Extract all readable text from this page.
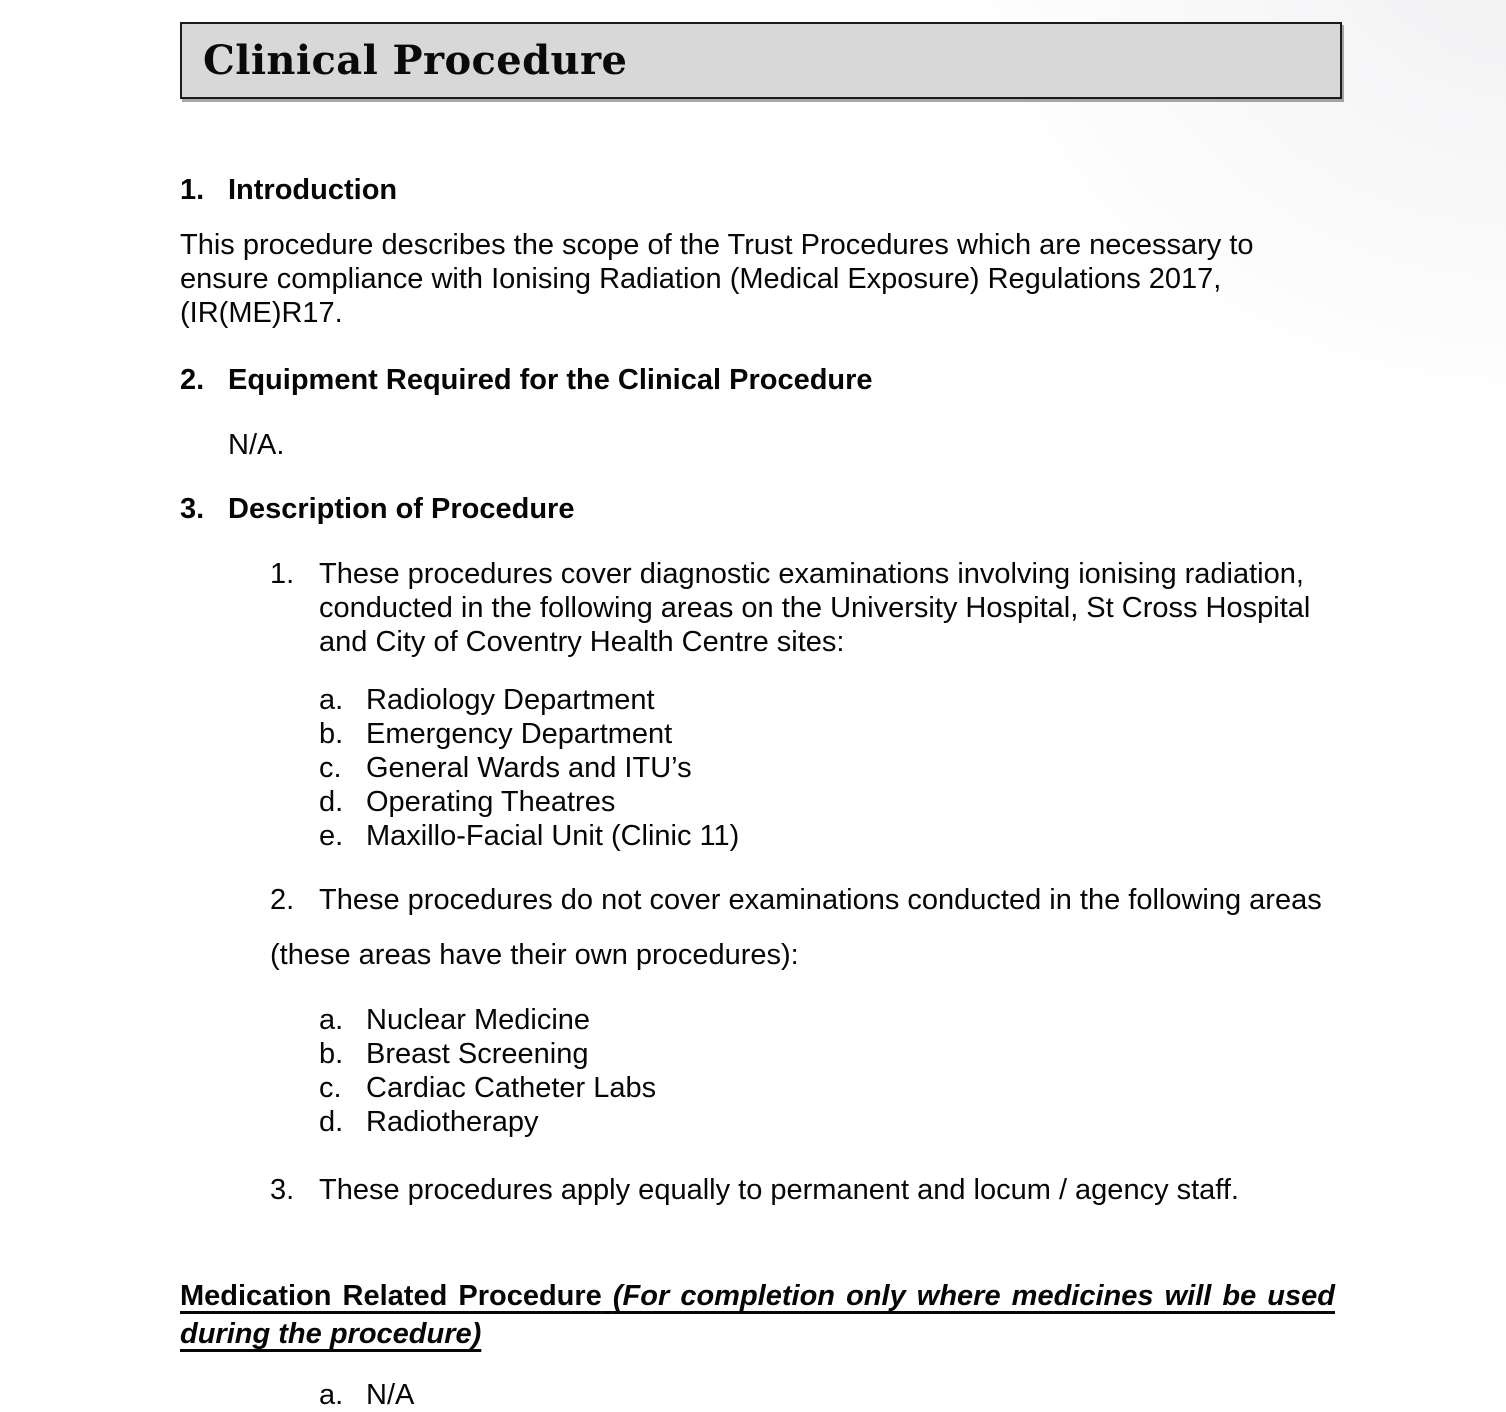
Clinical Procedure
1. Introduction
This procedure describes the scope of the Trust Procedures which are necessary to ensure compliance with Ionising Radiation (Medical Exposure) Regulations 2017, (IR(ME)R17.
2. Equipment Required for the Clinical Procedure
N/A.
3. Description of Procedure
1. These procedures cover diagnostic examinations involving ionising radiation, conducted in the following areas on the University Hospital, St Cross Hospital and City of Coventry Health Centre sites:
a. Radiology Department
b. Emergency Department
c. General Wards and ITU’s
d. Operating Theatres
e. Maxillo-Facial Unit (Clinic 11)
2. These procedures do not cover examinations conducted in the following areas
(these areas have their own procedures):
a. Nuclear Medicine
b. Breast Screening
c. Cardiac Catheter Labs
d. Radiotherapy
3. These procedures apply equally to permanent and locum / agency staff.
Medication Related Procedure (For completion only where medicines will be used
during the procedure)
a. N/A
